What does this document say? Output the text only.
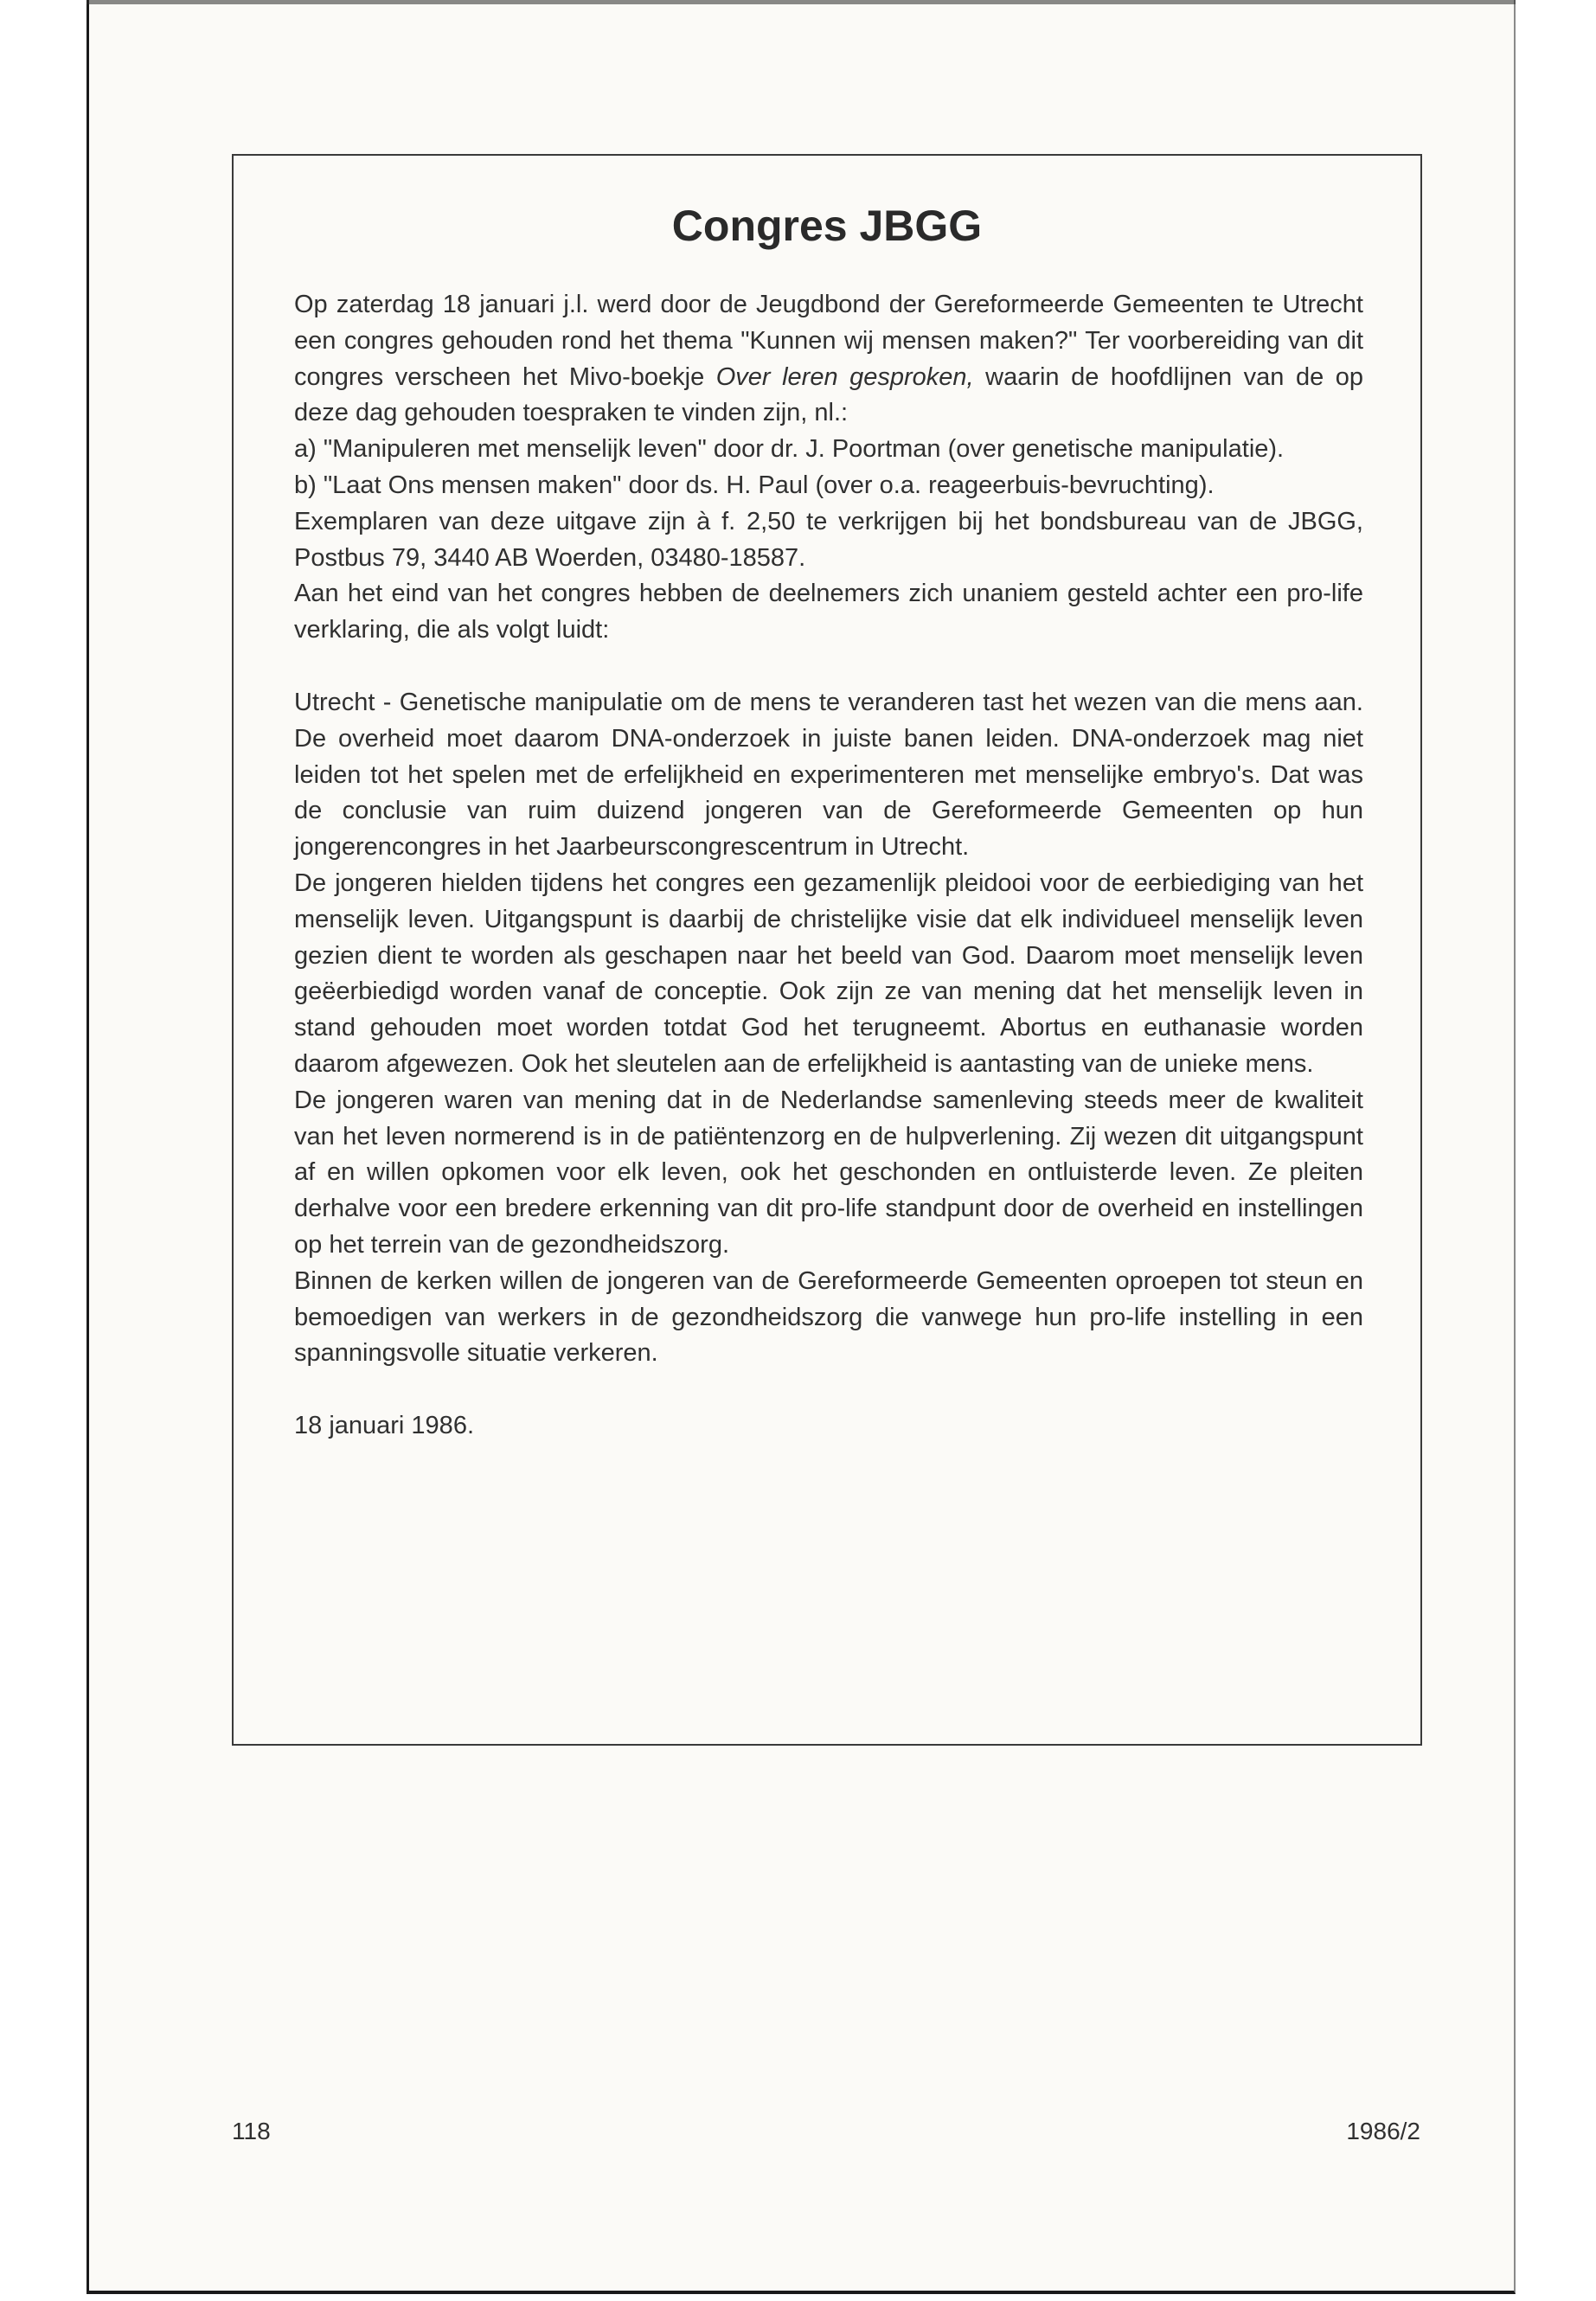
Congres JBGG

Op zaterdag 18 januari j.l. werd door de Jeugdbond der Gereformeerde Gemeenten te Utrecht een congres gehouden rond het thema "Kunnen wij mensen maken?" Ter voorbereiding van dit congres verscheen het Mivo-boekje Over leren gesproken, waarin de hoofdlijnen van de op deze dag gehouden toespraken te vinden zijn, nl.:

a) "Manipuleren met menselijk leven" door dr. J. Poortman (over genetische manipulatie).

b) "Laat Ons mensen maken" door ds. H. Paul (over o.a. reageerbuis-bevruchting).

Exemplaren van deze uitgave zijn à f. 2,50 te verkrijgen bij het bondsbureau van de JBGG, Postbus 79, 3440 AB Woerden, 03480-18587.

Aan het eind van het congres hebben de deelnemers zich unaniem gesteld achter een pro-life verklaring, die als volgt luidt:

Utrecht - Genetische manipulatie om de mens te veranderen tast het wezen van die mens aan. De overheid moet daarom DNA-onderzoek in juiste banen leiden. DNA-onderzoek mag niet leiden tot het spelen met de erfelijkheid en experimenteren met menselijke embryo's. Dat was de conclusie van ruim duizend jongeren van de Gereformeerde Gemeenten op hun jongerencongres in het Jaarbeurscongrescentrum in Utrecht.

De jongeren hielden tijdens het congres een gezamenlijk pleidooi voor de eerbiediging van het menselijk leven. Uitgangspunt is daarbij de christelijke visie dat elk individueel menselijk leven gezien dient te worden als geschapen naar het beeld van God. Daarom moet menselijk leven geëerbiedigd worden vanaf de conceptie. Ook zijn ze van mening dat het menselijk leven in stand gehouden moet worden totdat God het terugneemt. Abortus en euthanasie worden daarom afgewezen. Ook het sleutelen aan de erfelijkheid is aantasting van de unieke mens.

De jongeren waren van mening dat in de Nederlandse samenleving steeds meer de kwaliteit van het leven normerend is in de patiëntenzorg en de hulpverlening. Zij wezen dit uitgangspunt af en willen opkomen voor elk leven, ook het geschonden en ontluisterde leven. Ze pleiten derhalve voor een bredere erkenning van dit pro-life standpunt door de overheid en instellingen op het terrein van de gezondheidszorg.

Binnen de kerken willen de jongeren van de Gereformeerde Gemeenten oproepen tot steun en bemoedigen van werkers in de gezondheidszorg die vanwege hun pro-life instelling in een spanningsvolle situatie verkeren.

18 januari 1986.

118	1986/2
